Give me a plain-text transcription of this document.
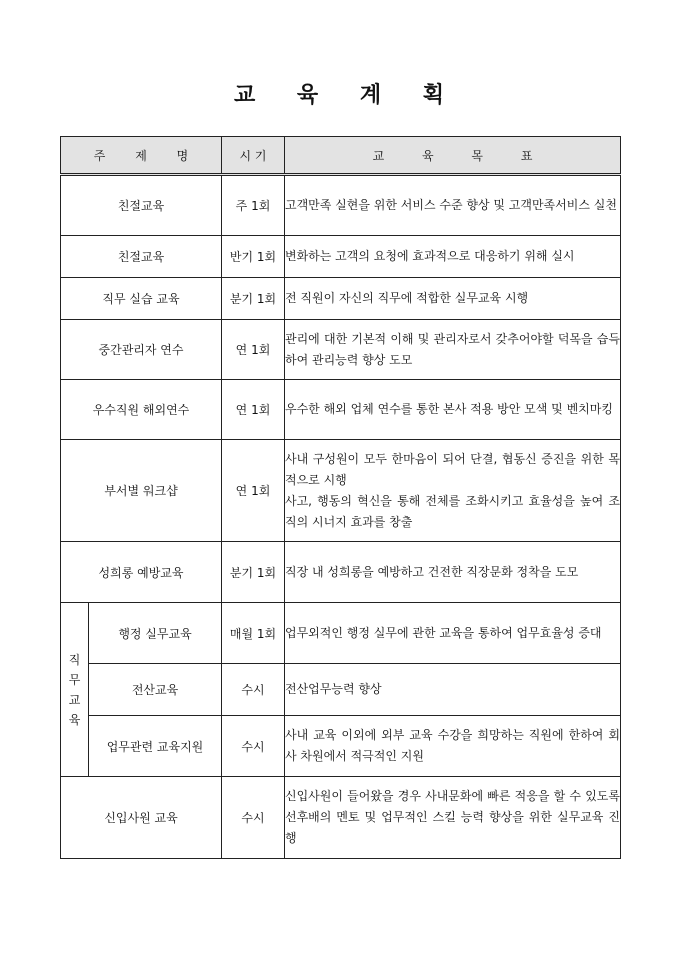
교 육 계 획
주 제 명		시 기	교 육 목 표
친절교육		주 1회	고객만족 실현을 위한 서비스 수준 향상 및 고객만족서비스 실천
친절교육		반기 1회	변화하는 고객의 요청에 효과적으로 대응하기 위해 실시
직무 실습 교육		분기 1회	전 직원이 자신의 직무에 적합한 실무교육 시행
중간관리자 연수		연 1회	관리에 대한 기본적 이해 및 관리자로서 갖추어야할 덕목을 습득하여 관리능력 향상 도모
우수직원 해외연수		연 1회	우수한 해외 업체 연수를 통한 본사 적용 방안 모색 및 벤치마킹
부서별 워크샵		연 1회	사내 구성원이 모두 한마음이 되어 단결, 협동신 증진을 위한 목적으로 시행
사고, 행동의 혁신을 통해 전체를 조화시키고 효율성을 높여 조직의 시너지 효과를 창출

성희롱 예방교육		분기 1회	직장 내 성희롱을 예방하고 건전한 직장문화 정착을 도모

직
무
교
육	행정 실무교육	매월 1회	업무외적인 행정 실무에 관한 교육을 통하여 업무효율성 증대
	전산교육	수시	전산업무능력 향상
	업무관련 교육지원	수시	사내 교육 이외에 외부 교육 수강을 희망하는 직원에 한하여 회사 차원에서 적극적인 지원
신입사원 교육		수시	신입사원이 들어왔을 경우 사내문화에 빠른 적응을 할 수 있도록 선후배의 멘토 및 업무적인 스킬 능력 향상을 위한 실무교육 진행
